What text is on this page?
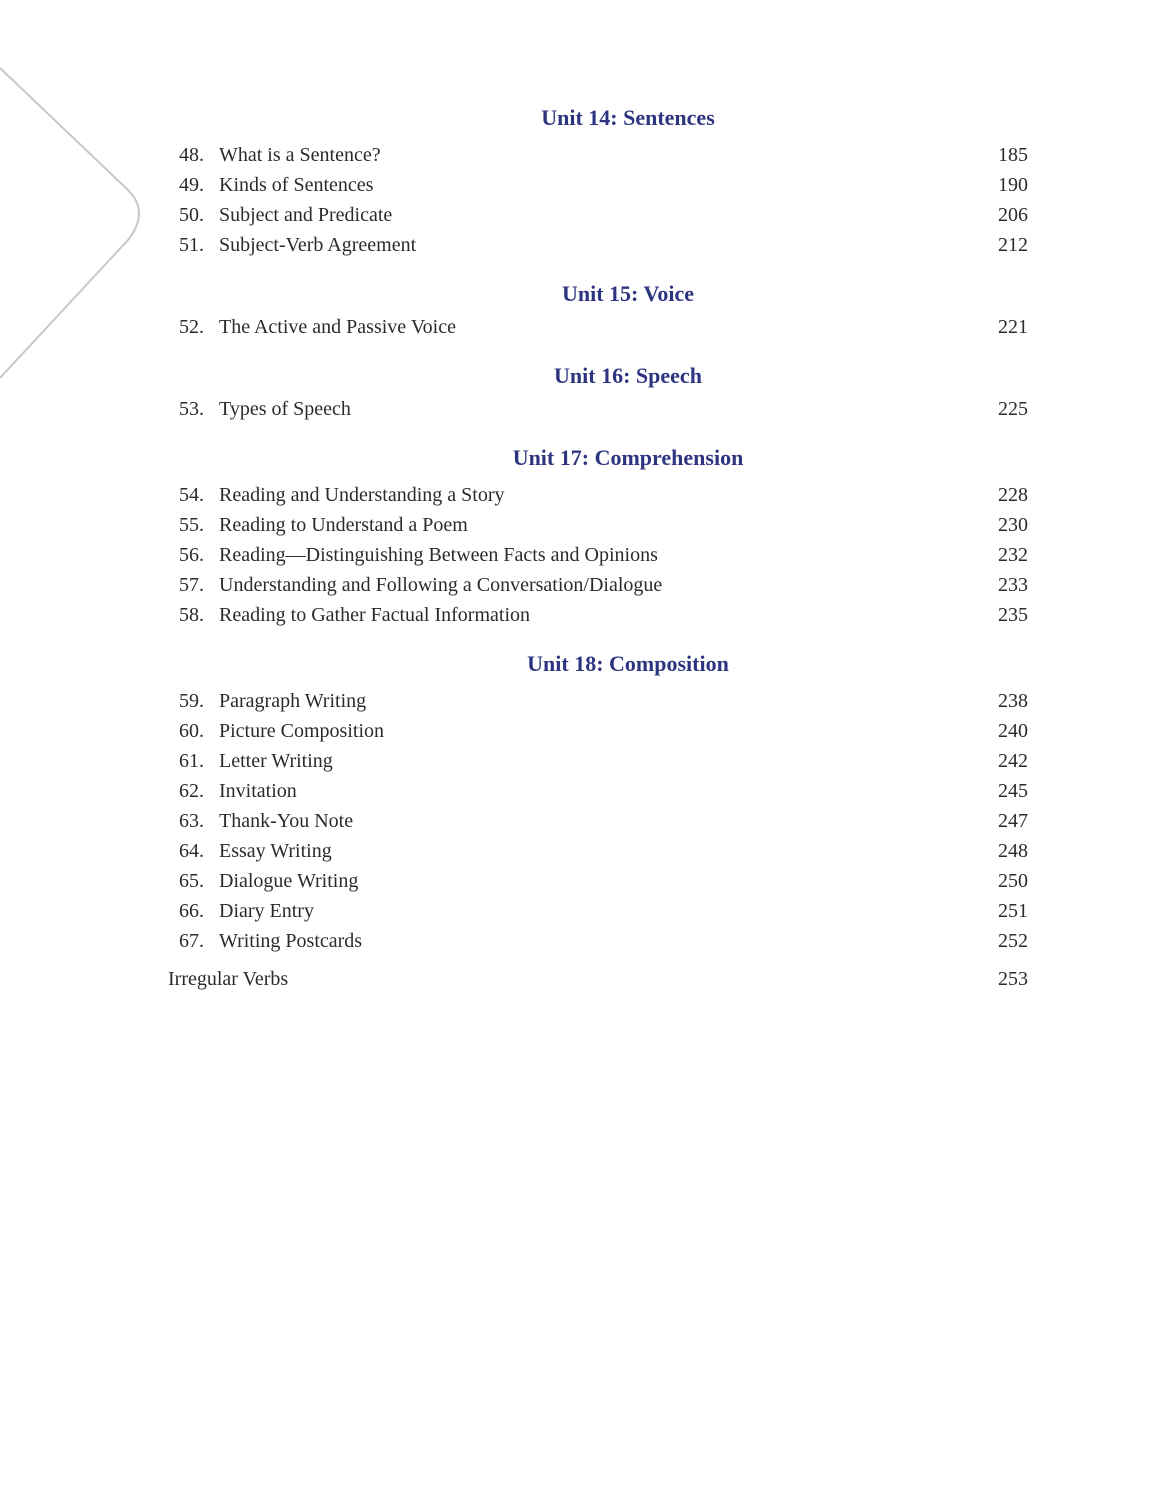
Unit 14: Sentences
48. What is a Sentence?	185
49. Kinds of Sentences	190
50. Subject and Predicate	206
51. Subject-Verb Agreement	212
Unit 15: Voice
52. The Active and Passive Voice	221
Unit 16: Speech
53. Types of Speech	225
Unit 17: Comprehension
54. Reading and Understanding a Story	228
55. Reading to Understand a Poem	230
56. Reading—Distinguishing Between Facts and Opinions	232
57. Understanding and Following a Conversation/Dialogue	233
58. Reading to Gather Factual Information	235
Unit 18: Composition
59. Paragraph Writing	238
60. Picture Composition	240
61. Letter Writing	242
62. Invitation	245
63. Thank-You Note	247
64. Essay Writing	248
65. Dialogue Writing	250
66. Diary Entry	251
67. Writing Postcards	252
Irregular Verbs	253
